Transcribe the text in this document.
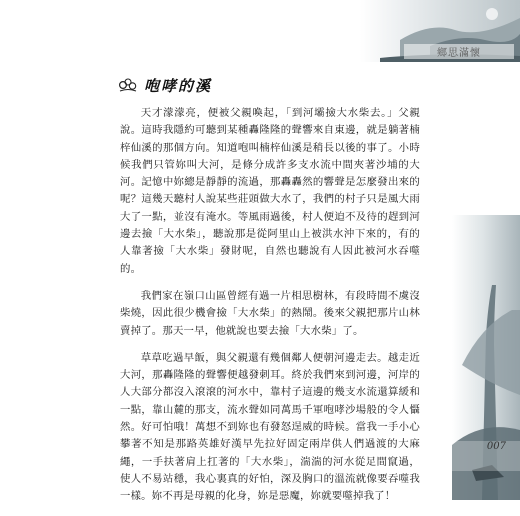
鄉思滿懷
咆哮的溪

天才濛濛亮，便被父親喚起，「到河壩撿大水柴去。」父親說。這時我隱約可聽到某種轟隆隆的聲響來自東邊，就是躺著楠梓仙溪的那個方向。知道咆叫楠梓仙溪是稍長以後的事了。小時候我們只管妳叫大河，是條分成許多支水流中間夾著沙埔的大河。記憶中妳總是靜靜的流過，那轟轟然的響聲是怎麼發出來的呢？這幾天聽村人說某些莊頭做大水了，我們的村子只是風大雨大了一點，並沒有淹水。等風雨過後，村人便迫不及待的趕到河邊去撿「大水柴」，聽說那是從阿里山上被洪水沖下來的，有的人靠著撿「大水柴」發財呢，自然也聽說有人因此被河水吞噬的。

我們家在嶺口山區曾經有過一片相思樹林，有段時間不虞沒柴燒，因此很少機會撿「大水柴」的熱鬧。後來父親把那片山林賣掉了。那天一早，他就說也要去撿「大水柴」了。

草草吃過早飯，與父親還有幾個鄰人便朝河邊走去。越走近大河，那轟隆隆的聲響便越發刺耳。終於我們來到河邊，河岸的人大部分都沒入滾滾的河水中，靠村子這邊的幾支水流還算緩和一點，靠山麓的那支，流水聲如同萬馬千軍咆哮沙場般的令人懾然。好可怕哦！萬想不到妳也有發怒逞威的時候。當我一手小心攀著不知是那路英雄好漢早先拉好固定兩岸供人們過渡的大麻繩，一手扶著肩上扛著的「大水柴」，湍湍的河水從足間竄過，使人不易站穩，我心裏真的好怕，深及胸口的溫流就像要吞噬我一樣。妳不再是母親的化身，妳是惡魔，妳就要噬掉我了！

007
